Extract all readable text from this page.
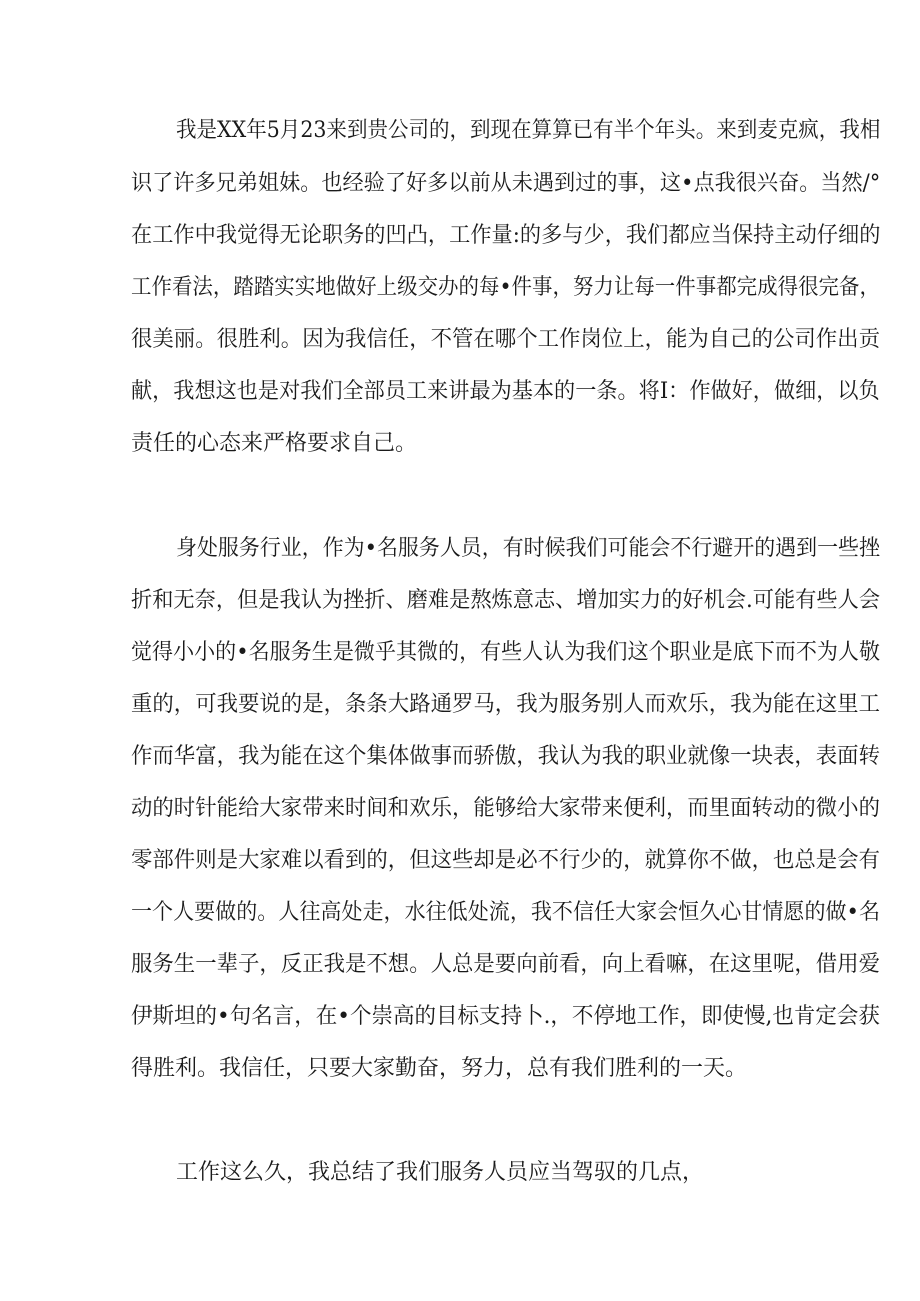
我是XX年5月23来到贵公司的，到现在算算已有半个年头。来到麦克疯，我相
识了许多兄弟姐妹。也经验了好多以前从未遇到过的事，这•点我很兴奋。当然/°
在工作中我觉得无论职务的凹凸，工作量:的多与少，我们都应当保持主动仔细的
工作看法，踏踏实实地做好上级交办的每•件事，努力让每一件事都完成得很完备，
很美丽。很胜利。因为我信任，不管在哪个工作岗位上，能为自己的公司作出贡
献，我想这也是对我们全部员工来讲最为基本的一条。将I：作做好，做细，以负
责任的心态来严格要求自己。
身处服务行业，作为•名服务人员，有时候我们可能会不行避开的遇到一些挫
折和无奈，但是我认为挫折、磨难是熬炼意志、增加实力的好机会.可能有些人会
觉得小小的•名服务生是微乎其微的，有些人认为我们这个职业是底下而不为人敬
重的，可我要说的是，条条大路通罗马，我为服务别人而欢乐，我为能在这里工
作而华富，我为能在这个集体做事而骄傲，我认为我的职业就像一块表，表面转
动的时针能给大家带来时间和欢乐，能够给大家带来便利，而里面转动的微小的
零部件则是大家难以看到的，但这些却是必不行少的，就算你不做，也总是会有
一个人要做的。人往高处走，水往低处流，我不信任大家会恒久心甘情愿的做•名
服务生一辈子，反正我是不想。人总是要向前看，向上看嘛，在这里呢，借用爱
伊斯坦的•句名言，在•个崇高的目标支持卜.，不停地工作，即使慢,也肯定会获
得胜利。我信任，只要大家勤奋，努力，总有我们胜利的一天。
工作这么久，我总结了我们服务人员应当驾驭的几点，
